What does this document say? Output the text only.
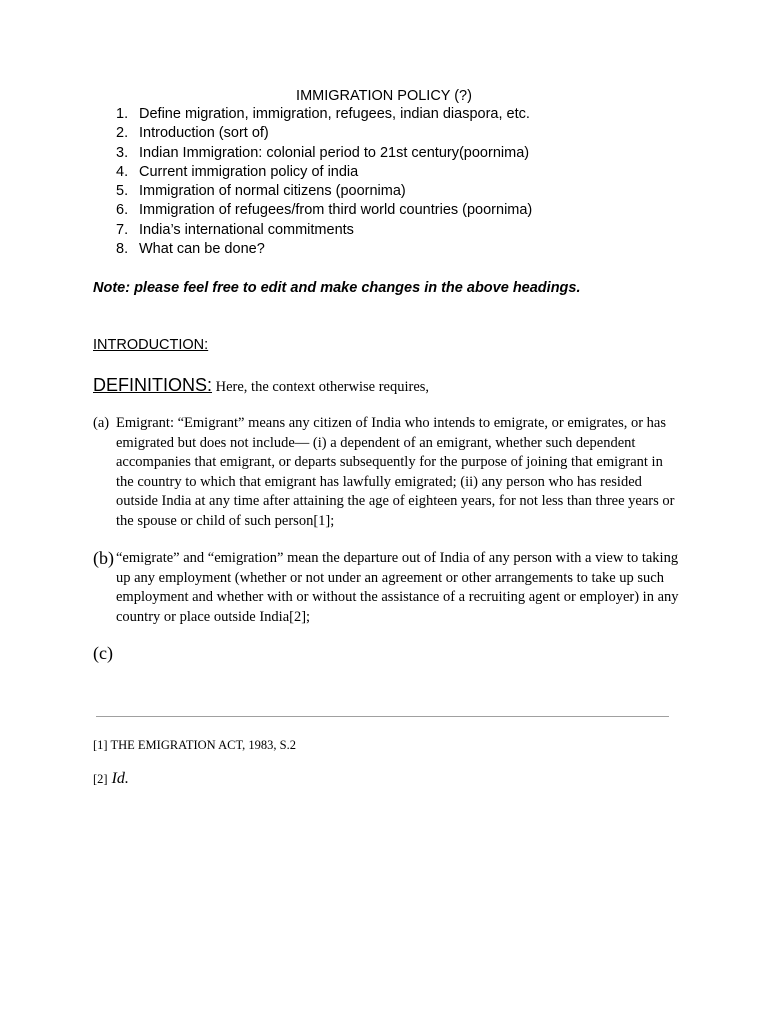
IMMIGRATION POLICY (?)
1. Define migration, immigration, refugees, indian diaspora, etc.
2. Introduction (sort of)
3. Indian Immigration: colonial period to 21st century(poornima)
4. Current immigration policy of india
5. Immigration of normal citizens (poornima)
6. Immigration of refugees/from third world countries (poornima)
7. India’s international commitments
8. What can be done?
Note: please feel free to edit and make changes in the above headings.
INTRODUCTION:
DEFINITIONS: Here, the context otherwise requires,
(a) Emigrant: “Emigrant” means any citizen of India who intends to emigrate, or emigrates, or has emigrated but does not include— (i) a dependent of an emigrant, whether such dependent accompanies that emigrant, or departs subsequently for the purpose of joining that emigrant in the country to which that emigrant has lawfully emigrated; (ii) any person who has resided outside India at any time after attaining the age of eighteen years, for not less than three years or the spouse or child of such person[1];
(b) “emigrate” and “emigration” mean the departure out of India of any person with a view to taking up any employment (whether or not under an agreement or other arrangements to take up such employment and whether with or without the assistance of a recruiting agent or employer) in any country or place outside India[2];
(c)
[1] THE EMIGRATION ACT, 1983, S.2
[2] Id.
